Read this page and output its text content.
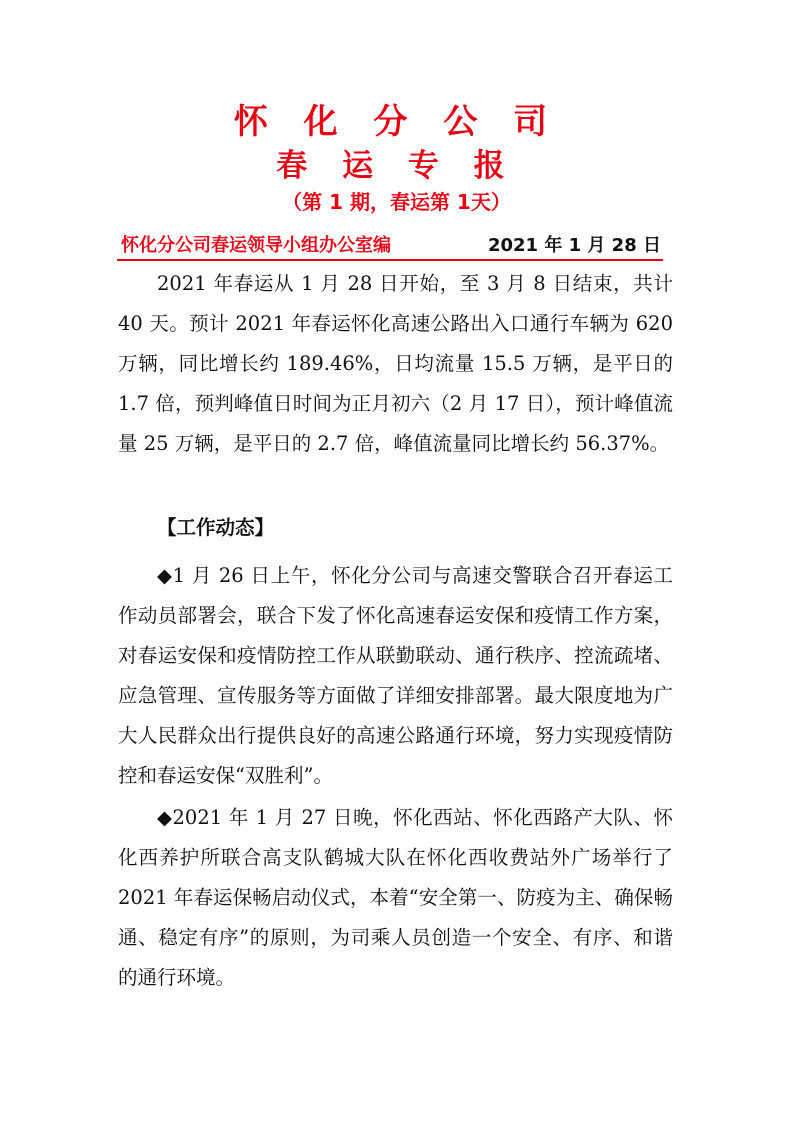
怀 化 分 公 司
春 运 专 报
（第 1 期，春运第 1天）
怀化分公司春运领导小组办公室编	2021 年 1 月 28 日
2021 年春运从 1 月 28 日开始，至 3 月 8 日结束，共计 40 天。预计 2021 年春运怀化高速公路出入口通行车辆为 620 万辆，同比增长约 189.46%，日均流量 15.5 万辆，是平日的 1.7 倍，预判峰值日时间为正月初六（2 月 17 日），预计峰值流量 25 万辆，是平日的 2.7 倍，峰值流量同比增长约 56.37%。
【工作动态】
◆1 月 26 日上午，怀化分公司与高速交警联合召开春运工作动员部署会，联合下发了怀化高速春运安保和疫情工作方案，对春运安保和疫情防控工作从联勤联动、通行秩序、控流疏堵、应急管理、宣传服务等方面做了详细安排部署。最大限度地为广大人民群众出行提供良好的高速公路通行环境，努力实现疫情防控和春运安保“双胜利”。
◆2021 年 1 月 27 日晚，怀化西站、怀化西路产大队、怀化西养护所联合高支队鹤城大队在怀化西收费站外广场举行了 2021 年春运保畅启动仪式，本着“安全第一、防疫为主、确保畅通、稳定有序”的原则，为司乘人员创造一个安全、有序、和谐的通行环境。
